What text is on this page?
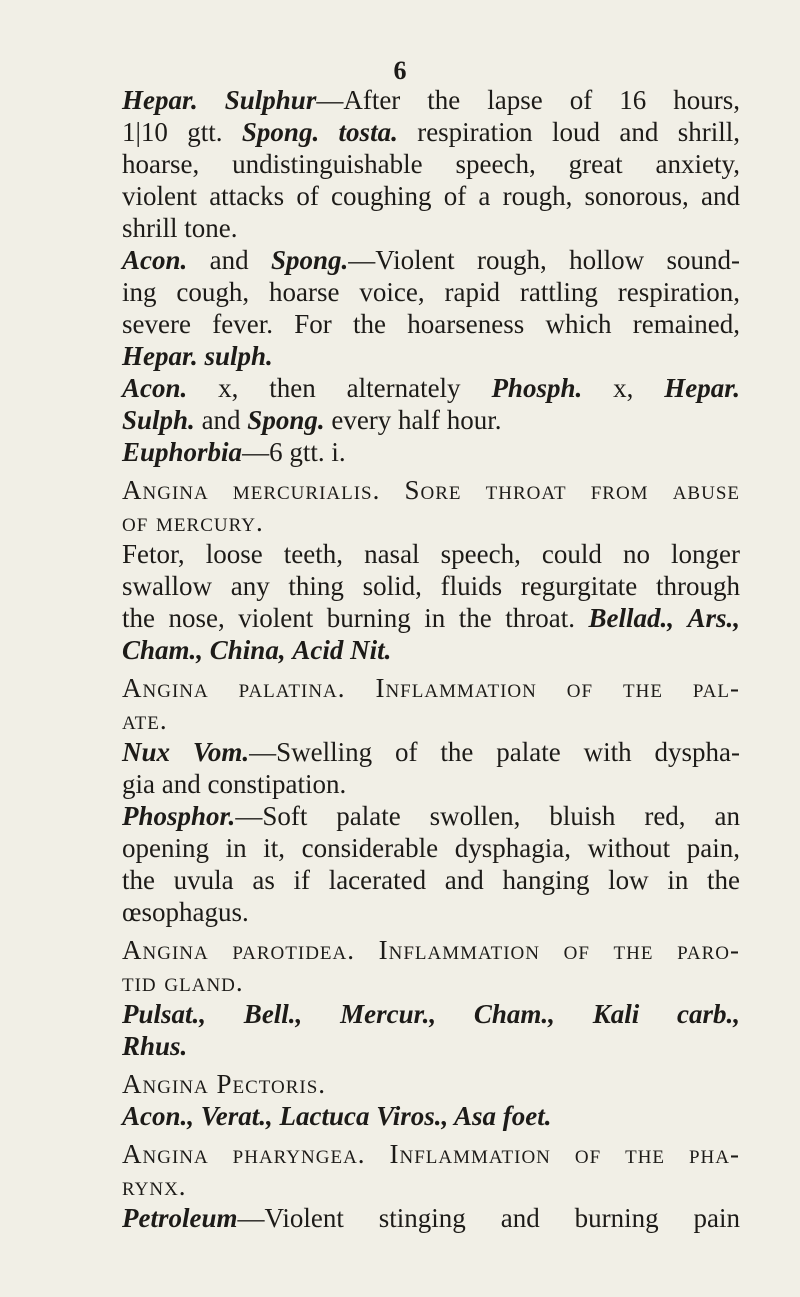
6
Hepar. Sulphur—After the lapse of 16 hours,
1|10 gtt. Spong. tosta. respiration loud and shrill,
hoarse, undistinguishable speech, great anxiety,
violent attacks of coughing of a rough, sonorous, and
shrill tone.
Acon. and Spong.—Violent rough, hollow sound-
ing cough, hoarse voice, rapid rattling respiration,
severe fever. For the hoarseness which remained,
Hepar. sulph.
Acon. x, then alternately Phosph. x, Hepar.
Sulph. and Spong. every half hour.
Euphorbia—6 gtt. i.
Angina mercurialis. Sore throat from abuse
of mercury.
Fetor, loose teeth, nasal speech, could no longer
swallow any thing solid, fluids regurgitate through
the nose, violent burning in the throat. Bellad., Ars.,
Cham., China, Acid Nit.
Angina palatina. Inflammation of the pal-
ate.
Nux Vom.—Swelling of the palate with dyspha-
gia and constipation.
Phosphor.—Soft palate swollen, bluish red, an
opening in it, considerable dysphagia, without pain,
the uvula as if lacerated and hanging low in the
œsophagus.
Angina parotidea. Inflammation of the paro-
tid gland.
Pulsat., Bell., Mercur., Cham., Kali carb.,
Rhus.
Angina Pectoris.
Acon., Verat., Lactuca Viros., Asa foet.
Angina pharyngea. Inflammation of the pha-
rynx.
Petroleum—Violent stinging and burning pain
